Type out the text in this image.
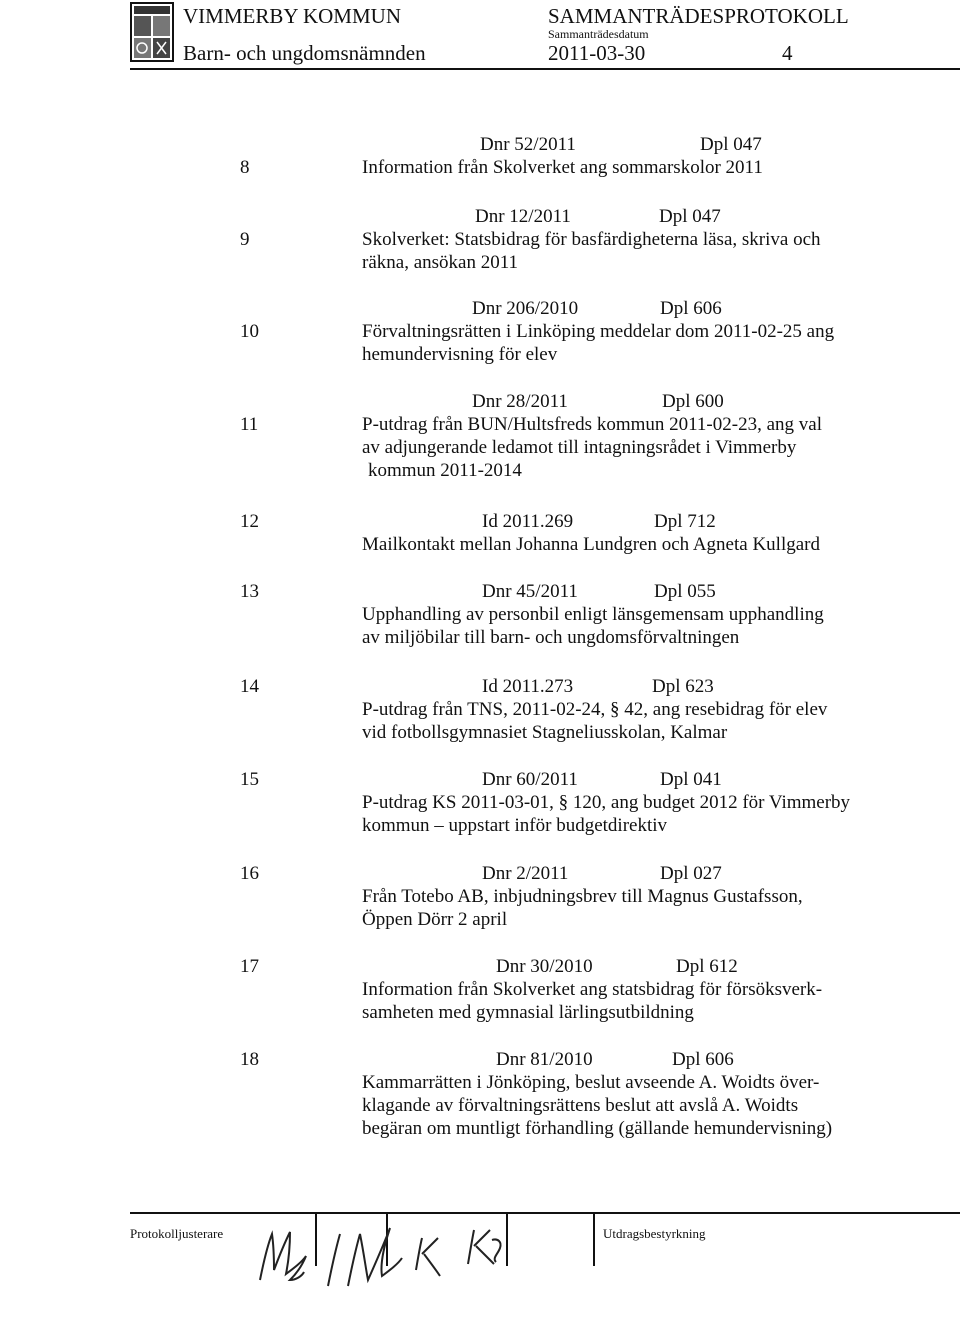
VIMMERBY KOMMUN
Barn- och ungdomsnämnden
SAMMANTRÄDESPROTOKOLL
Sammanträdesdatum
2011-03-30	4
Dnr 52/2011	Dpl 047
8	Information från Skolverket ang sommarskolor 2011
Dnr 12/2011	Dpl 047
9	Skolverket: Statsbidrag för basfärdigheterna läsa, skriva och
räkna, ansökan 2011
Dnr 206/2010	Dpl 606
10	Förvaltningsrätten i Linköping meddelar dom 2011-02-25 ang
hemundervisning för elev
Dnr 28/2011	Dpl 600
11	P-utdrag från BUN/Hultsfreds kommun 2011-02-23, ang val
av adjungerande ledamot till intagningsrådet i Vimmerby
kommun 2011-2014
12	Id 2011.269	Dpl 712
Mailkontakt mellan Johanna Lundgren och Agneta Kullgard
13	Dnr 45/2011	Dpl 055
Upphandling av personbil enligt länsgemensam upphandling
av miljöbilar till barn- och ungdomsförvaltningen
14	Id 2011.273	Dpl 623
P-utdrag från TNS, 2011-02-24, § 42, ang resebidrag för elev
vid fotbollsgymnasiet Stagneliusskolan, Kalmar
15	Dnr 60/2011	Dpl 041
P-utdrag KS 2011-03-01, § 120, ang budget 2012 för Vimmerby
kommun – uppstart inför budgetdirektiv
16	Dnr 2/2011	Dpl 027
Från Totebo AB, inbjudningsbrev till Magnus Gustafsson,
Öppen Dörr 2 april
17	Dnr 30/2010	Dpl 612
Information från Skolverket ang statsbidrag för försöksverk-
samheten med gymnasial lärlingsutbildning
18	Dnr 81/2010	Dpl 606
Kammarrätten i Jönköping, beslut avseende A. Woidts över-
klagande av förvaltningsrättens beslut att avslå A. Woidts
begäran om muntligt förhandling (gällande hemundervisning)
Protokolljusterare	Utdragsbestyrkning
